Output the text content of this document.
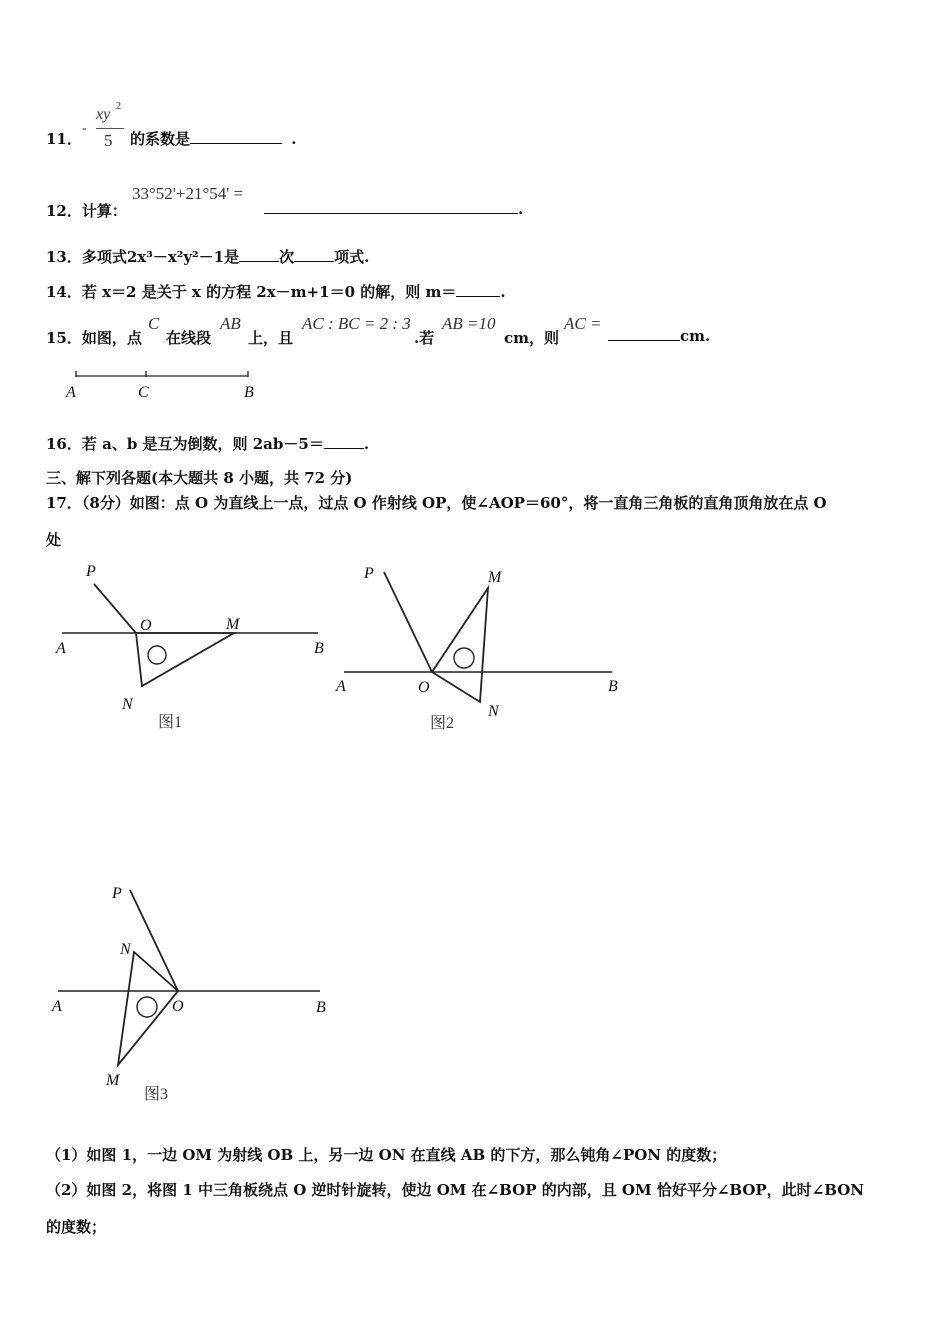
11．
-
xy 2
5 的系数是	.
12．计算：
33°52'+21°54' =
.
13．多项式2x³－x²y²－1是	次	项式.
14．若 x＝2 是关于 x 的方程 2x－m+1＝0 的解，则 m＝	.
15．如图，点
C
在线段
AB
上，且
AC : BC = 2 : 3
.若
AB =10
cm，则
AC =
cm.
A	C	B
16．若 a、b 是互为倒数，则 2ab－5＝	.
三、解下列各题(本大题共 8 小题，共 72 分)
17．（8分）如图：点 O 为直线上一点，过点 O 作射线 OP，使∠AOP＝60°，将一直角三角板的直角顶角放在点 O
处
P
O	M
A	B
N
图1
P	M
O
A	B
N
图2
P
N
A	O	B
M
图3
（1）如图 1，一边 OM 为射线 OB 上，另一边 ON 在直线 AB 的下方，那么钝角∠PON 的度数；
（2）如图 2，将图 1 中三角板绕点 O 逆时针旋转，使边 OM 在∠BOP 的内部，且 OM 恰好平分∠BOP，此时∠BON
的度数；
